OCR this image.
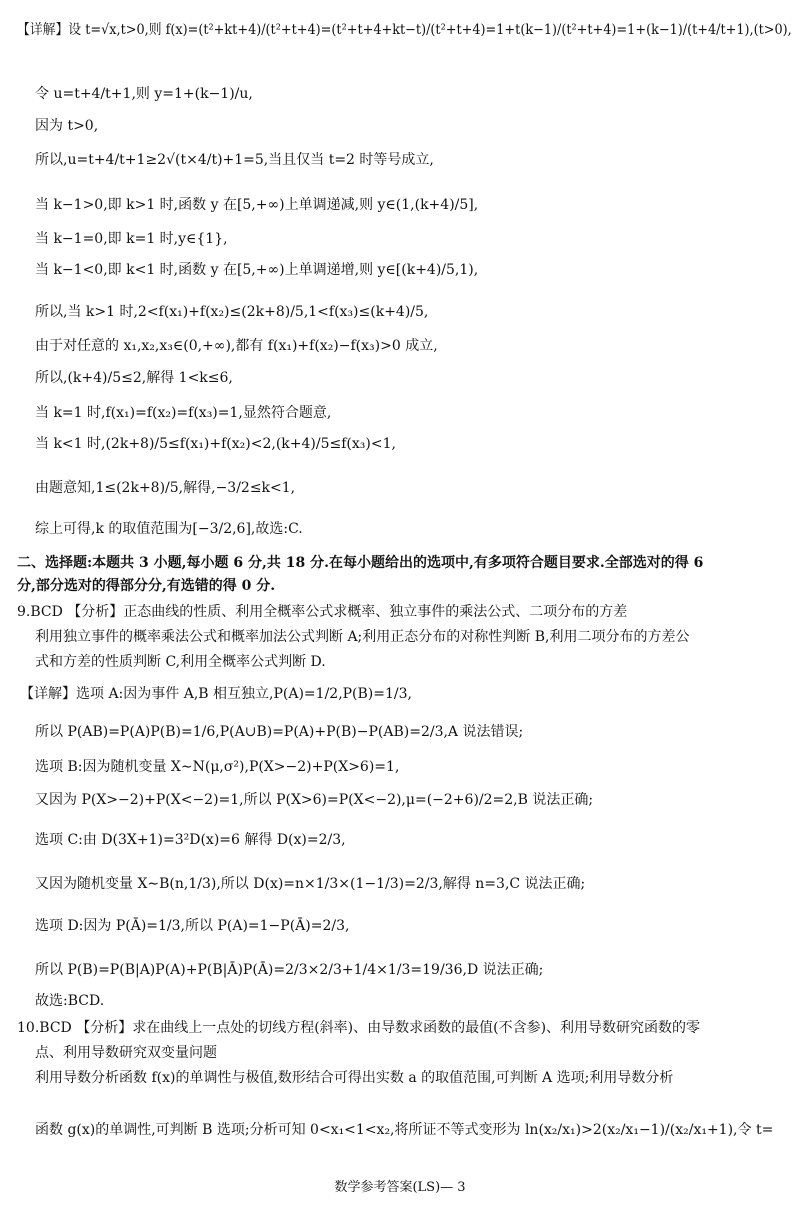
【详解】设 t=√x,t>0,则 f(x)=(t²+kt+4)/(t²+t+4)=(t²+t+4+kt−t)/(t²+t+4)=1+t(k−1)/(t²+t+4)=1+(k−1)/(t+4/t+1),(t>0),
令 u=t+4/t+1,则 y=1+(k−1)/u,
因为 t>0,
所以,u=t+4/t+1≥2√(t×4/t)+1=5,当且仅当 t=2 时等号成立,
当 k−1>0,即 k>1 时,函数 y 在[5,+∞)上单调递减,则 y∈(1,(k+4)/5],
当 k−1=0,即 k=1 时,y∈{1},
当 k−1<0,即 k<1 时,函数 y 在[5,+∞)上单调递增,则 y∈[(k+4)/5,1),
所以,当 k>1 时,2<f(x₁)+f(x₂)≤(2k+8)/5,1<f(x₃)≤(k+4)/5,
由于对任意的 x₁,x₂,x₃∈(0,+∞),都有 f(x₁)+f(x₂)−f(x₃)>0 成立,
所以,(k+4)/5≤2,解得 1<k≤6,
当 k=1 时,f(x₁)=f(x₂)=f(x₃)=1,显然符合题意,
当 k<1 时,(2k+8)/5≤f(x₁)+f(x₂)<2,(k+4)/5≤f(x₃)<1,
由题意知,1≤(2k+8)/5,解得,−3/2≤k<1,
综上可得,k 的取值范围为[−3/2,6],故选:C.
二、选择题:本题共 3 小题,每小题 6 分,共 18 分.在每小题给出的选项中,有多项符合题目要求.全部选对的得 6
分,部分选对的得部分分,有选错的得 0 分.
9.BCD 【分析】正态曲线的性质、利用全概率公式求概率、独立事件的乘法公式、二项分布的方差
利用独立事件的概率乘法公式和概率加法公式判断 A;利用正态分布的对称性判断 B,利用二项分布的方差公
式和方差的性质判断 C,利用全概率公式判断 D.
【详解】选项 A:因为事件 A,B 相互独立,P(A)=1/2,P(B)=1/3,
所以 P(AB)=P(A)P(B)=1/6,P(A∪B)=P(A)+P(B)−P(AB)=2/3,A 说法错误;
选项 B:因为随机变量 X∼N(μ,σ²),P(X>−2)+P(X>6)=1,
又因为 P(X>−2)+P(X<−2)=1,所以 P(X>6)=P(X<−2),μ=(−2+6)/2=2,B 说法正确;
选项 C:由 D(3X+1)=3²D(x)=6 解得 D(x)=2/3,
又因为随机变量 X∼B(n,1/3),所以 D(x)=n×1/3×(1−1/3)=2/3,解得 n=3,C 说法正确;
选项 D:因为 P(Ā)=1/3,所以 P(A)=1−P(Ā)=2/3,
所以 P(B)=P(B|A)P(A)+P(B|Ā)P(Ā)=2/3×2/3+1/4×1/3=19/36,D 说法正确;
故选:BCD.
10.BCD 【分析】求在曲线上一点处的切线方程(斜率)、由导数求函数的最值(不含参)、利用导数研究函数的零
点、利用导数研究双变量问题
利用导数分析函数 f(x)的单调性与极值,数形结合可得出实数 a 的取值范围,可判断 A 选项;利用导数分析
函数 g(x)的单调性,可判断 B 选项;分析可知 0<x₁<1<x₂,将所证不等式变形为 ln(x₂/x₁)>2(x₂/x₁−1)/(x₂/x₁+1),令 t=
数学参考答案(LS)— 3
